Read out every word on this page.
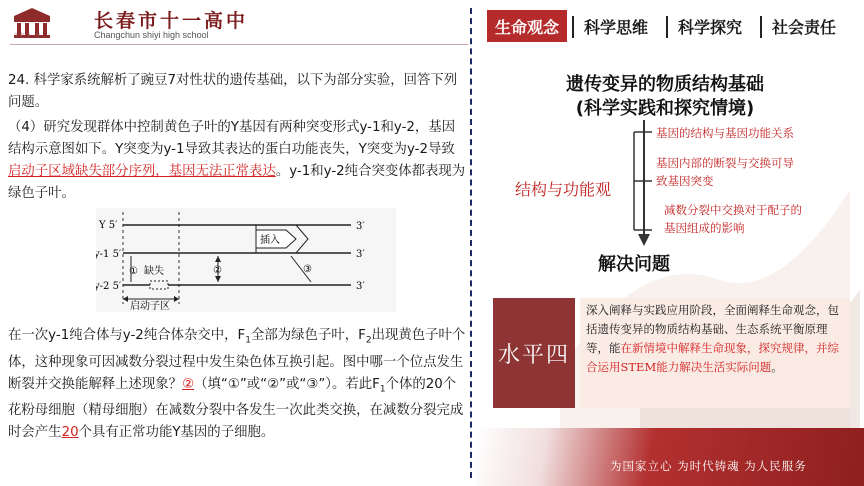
平安·文 · 善
长春市十一高中
Changchun shiyi high school
24. 科学家系统解析了豌豆7对性状的遗传基础，以下为部分实验，回答下列问题。
（4）研究发现群体中控制黄色子叶的Y基因有两种突变形式y-1和y-2，基因结构示意图如下。Y突变为y-1导致其表达的蛋白功能丧失，Y突变为y-2导致启动子区域缺失部分序列，基因无法正常表达。y-1和y-2纯合突变体都表现为绿色子叶。
Y 5′	3′
y-1 5′	3′
插入
y-2 5′	3′
① 缺失	②	③
启动子区
在一次y-1纯合体与y-2纯合体杂交中，$F_1$全部为绿色子叶，$F_2$出现黄色子叶个体，这种现象可因减数分裂过程中发生染色体互换引起。图中哪一个位点发生断裂并交换能解释上述现象？②（填“①”或“②”或“③”）。若此$F_1$个体的20个花粉母细胞（精母细胞）在减数分裂中各发生一次此类交换，在减数分裂完成时会产生20个具有正常功能Y基因的子细胞。
生命观念	科学思维 科学探究 社会责任
遗传变异的物质结构基础
(科学实践和探究情境)
结构与功能观
基因的结构与基因功能关系
基因内部的断裂与交换可导
致基因突变
减数分裂中交换对于配子的
基因组成的影响
解决问题
水平四
深入阐释与实践应用阶段，全面阐释生命观念，包括遗传变异的物质结构基础、生态系统平衡原理等，能在新情境中解释生命现象，探究规律，并综合运用STEM能力解决生活实际问题。
为国家立心 为时代铸魂 为人民服务
